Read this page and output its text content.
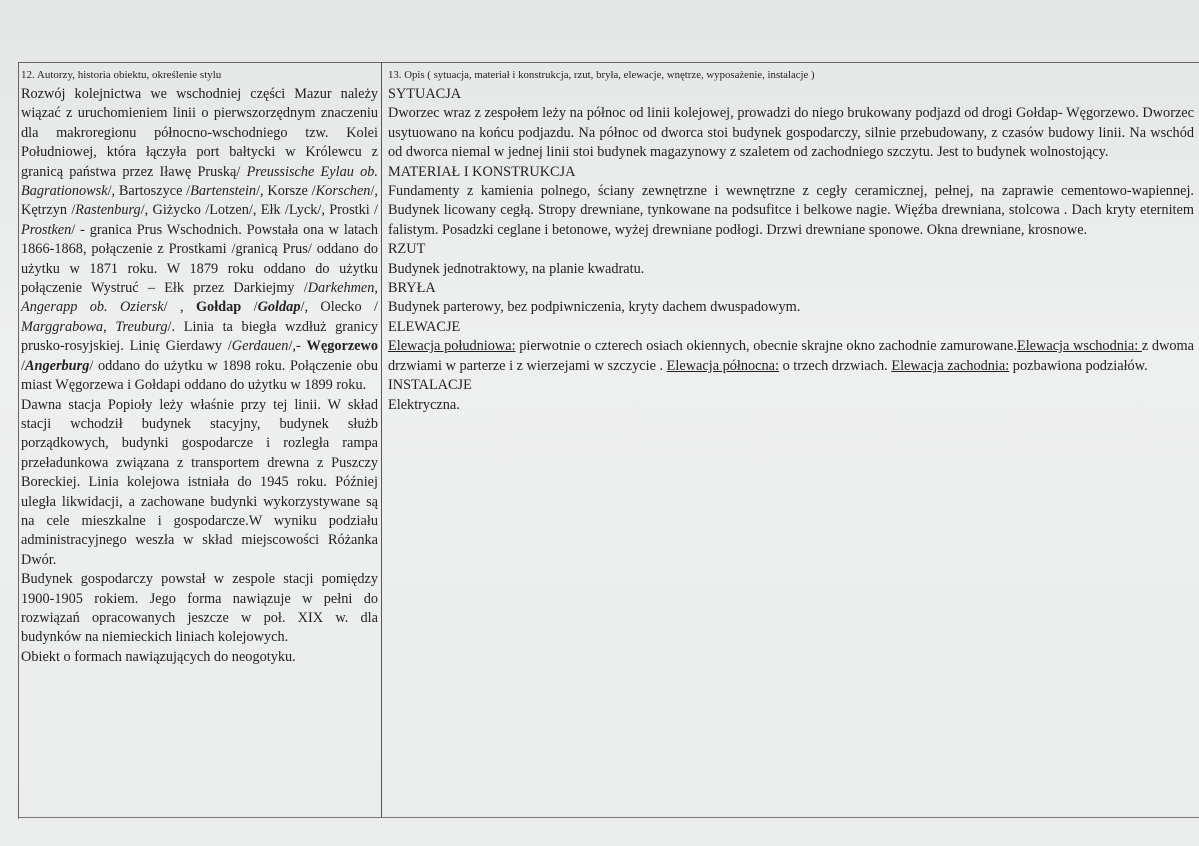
12. Autorzy, historia obiektu, określenie stylu

Rozwój kolejnictwa we wschodniej części Mazur należy wiązać z uruchomieniem linii o pierwszorzędnym znaczeniu dla makroregionu północno-wschodniego tzw. Kolei Południowej, która łączyła port bałtycki w Królewcu z granicą państwa przez Iławę Pruską/ Preussische Eylau ob. Bagrationowsk/, Bartoszyce /Bartenstein/, Korsze /Korschen/, Kętrzyn /Rastenburg/, Giżycko /Lotzen/, Ełk /Lyck/, Prostki / Prostken/ - granica Prus Wschodnich. Powstała ona w latach 1866-1868, połączenie z Prostkami /granicą Prus/ oddano do użytku w 1871 roku. W 1879 roku oddano do użytku połączenie Wystruć – Ełk przez Darkiejmy /Darkehmen, Angerapp ob. Oziersk/ , Gołdap /Goldap/, Olecko / Marggrabowa, Treuburg/. Linia ta biegła wzdłuż granicy prusko-rosyjskiej. Linię Gierdawy /Gerdauen/,- Węgorzewo /Angerburg/ oddano do użytku w 1898 roku. Połączenie obu miast Węgorzewa i Gołdapi oddano do użytku w 1899 roku.

Dawna stacja Popioły leży właśnie przy tej linii. W skład stacji wchodził budynek stacyjny, budynek służb porządkowych, budynki gospodarcze i rozległa rampa przeładunkowa związana z transportem drewna z Puszczy Boreckiej. Linia kolejowa istniała do 1945 roku. Później uległa likwidacji, a zachowane budynki wykorzystywane są na cele mieszkalne i gospodarcze.W wyniku podziału administracyjnego weszła w skład miejscowości Różanka Dwór.

Budynek gospodarczy powstał w zespole stacji pomiędzy 1900-1905 rokiem. Jego forma nawiązuje w pełni do rozwiązań opracowanych jeszcze w poł. XIX w. dla budynków na niemieckich liniach kolejowych.

Obiekt o formach nawiązujących do neogotyku.

13. Opis ( sytuacja, materiał i konstrukcja, rzut, bryła, elewacje, wnętrze, wyposażenie, instalacje )

SYTUACJA

Dworzec wraz z zespołem leży na północ od linii kolejowej, prowadzi do niego brukowany podjazd od drogi Gołdap- Węgorzewo. Dworzec usytuowano na końcu podjazdu. Na północ od dworca stoi budynek gospodarczy, silnie przebudowany, z czasów budowy linii. Na wschód od dworca niemal w jednej linii stoi budynek magazynowy z szaletem od zachodniego szczytu. Jest to budynek wolnostojący.

MATERIAŁ I KONSTRUKCJA

Fundamenty z kamienia polnego, ściany zewnętrzne i wewnętrzne z cegły ceramicznej, pełnej, na zaprawie cementowo-wapiennej. Budynek licowany cegłą. Stropy drewniane, tynkowane na podsufitce i belkowe nagie. Więźba drewniana, stolcowa . Dach kryty eternitem falistym. Posadzki ceglane i betonowe, wyżej drewniane podłogi. Drzwi drewniane sponowe. Okna drewniane, krosnowe.

RZUT

Budynek jednotraktowy, na planie kwadratu.

BRYŁA

Budynek parterowy, bez podpiwniczenia, kryty dachem dwuspadowym.

ELEWACJE

Elewacja południowa: pierwotnie o czterech osiach okiennych, obecnie skrajne okno zachodnie zamurowane.Elewacja wschodnia: z dwoma drzwiami w parterze i z wierzejami w szczycie . Elewacja północna: o trzech drzwiach. Elewacja zachodnia: pozbawiona podziałów.

INSTALACJE

Elektryczna.
